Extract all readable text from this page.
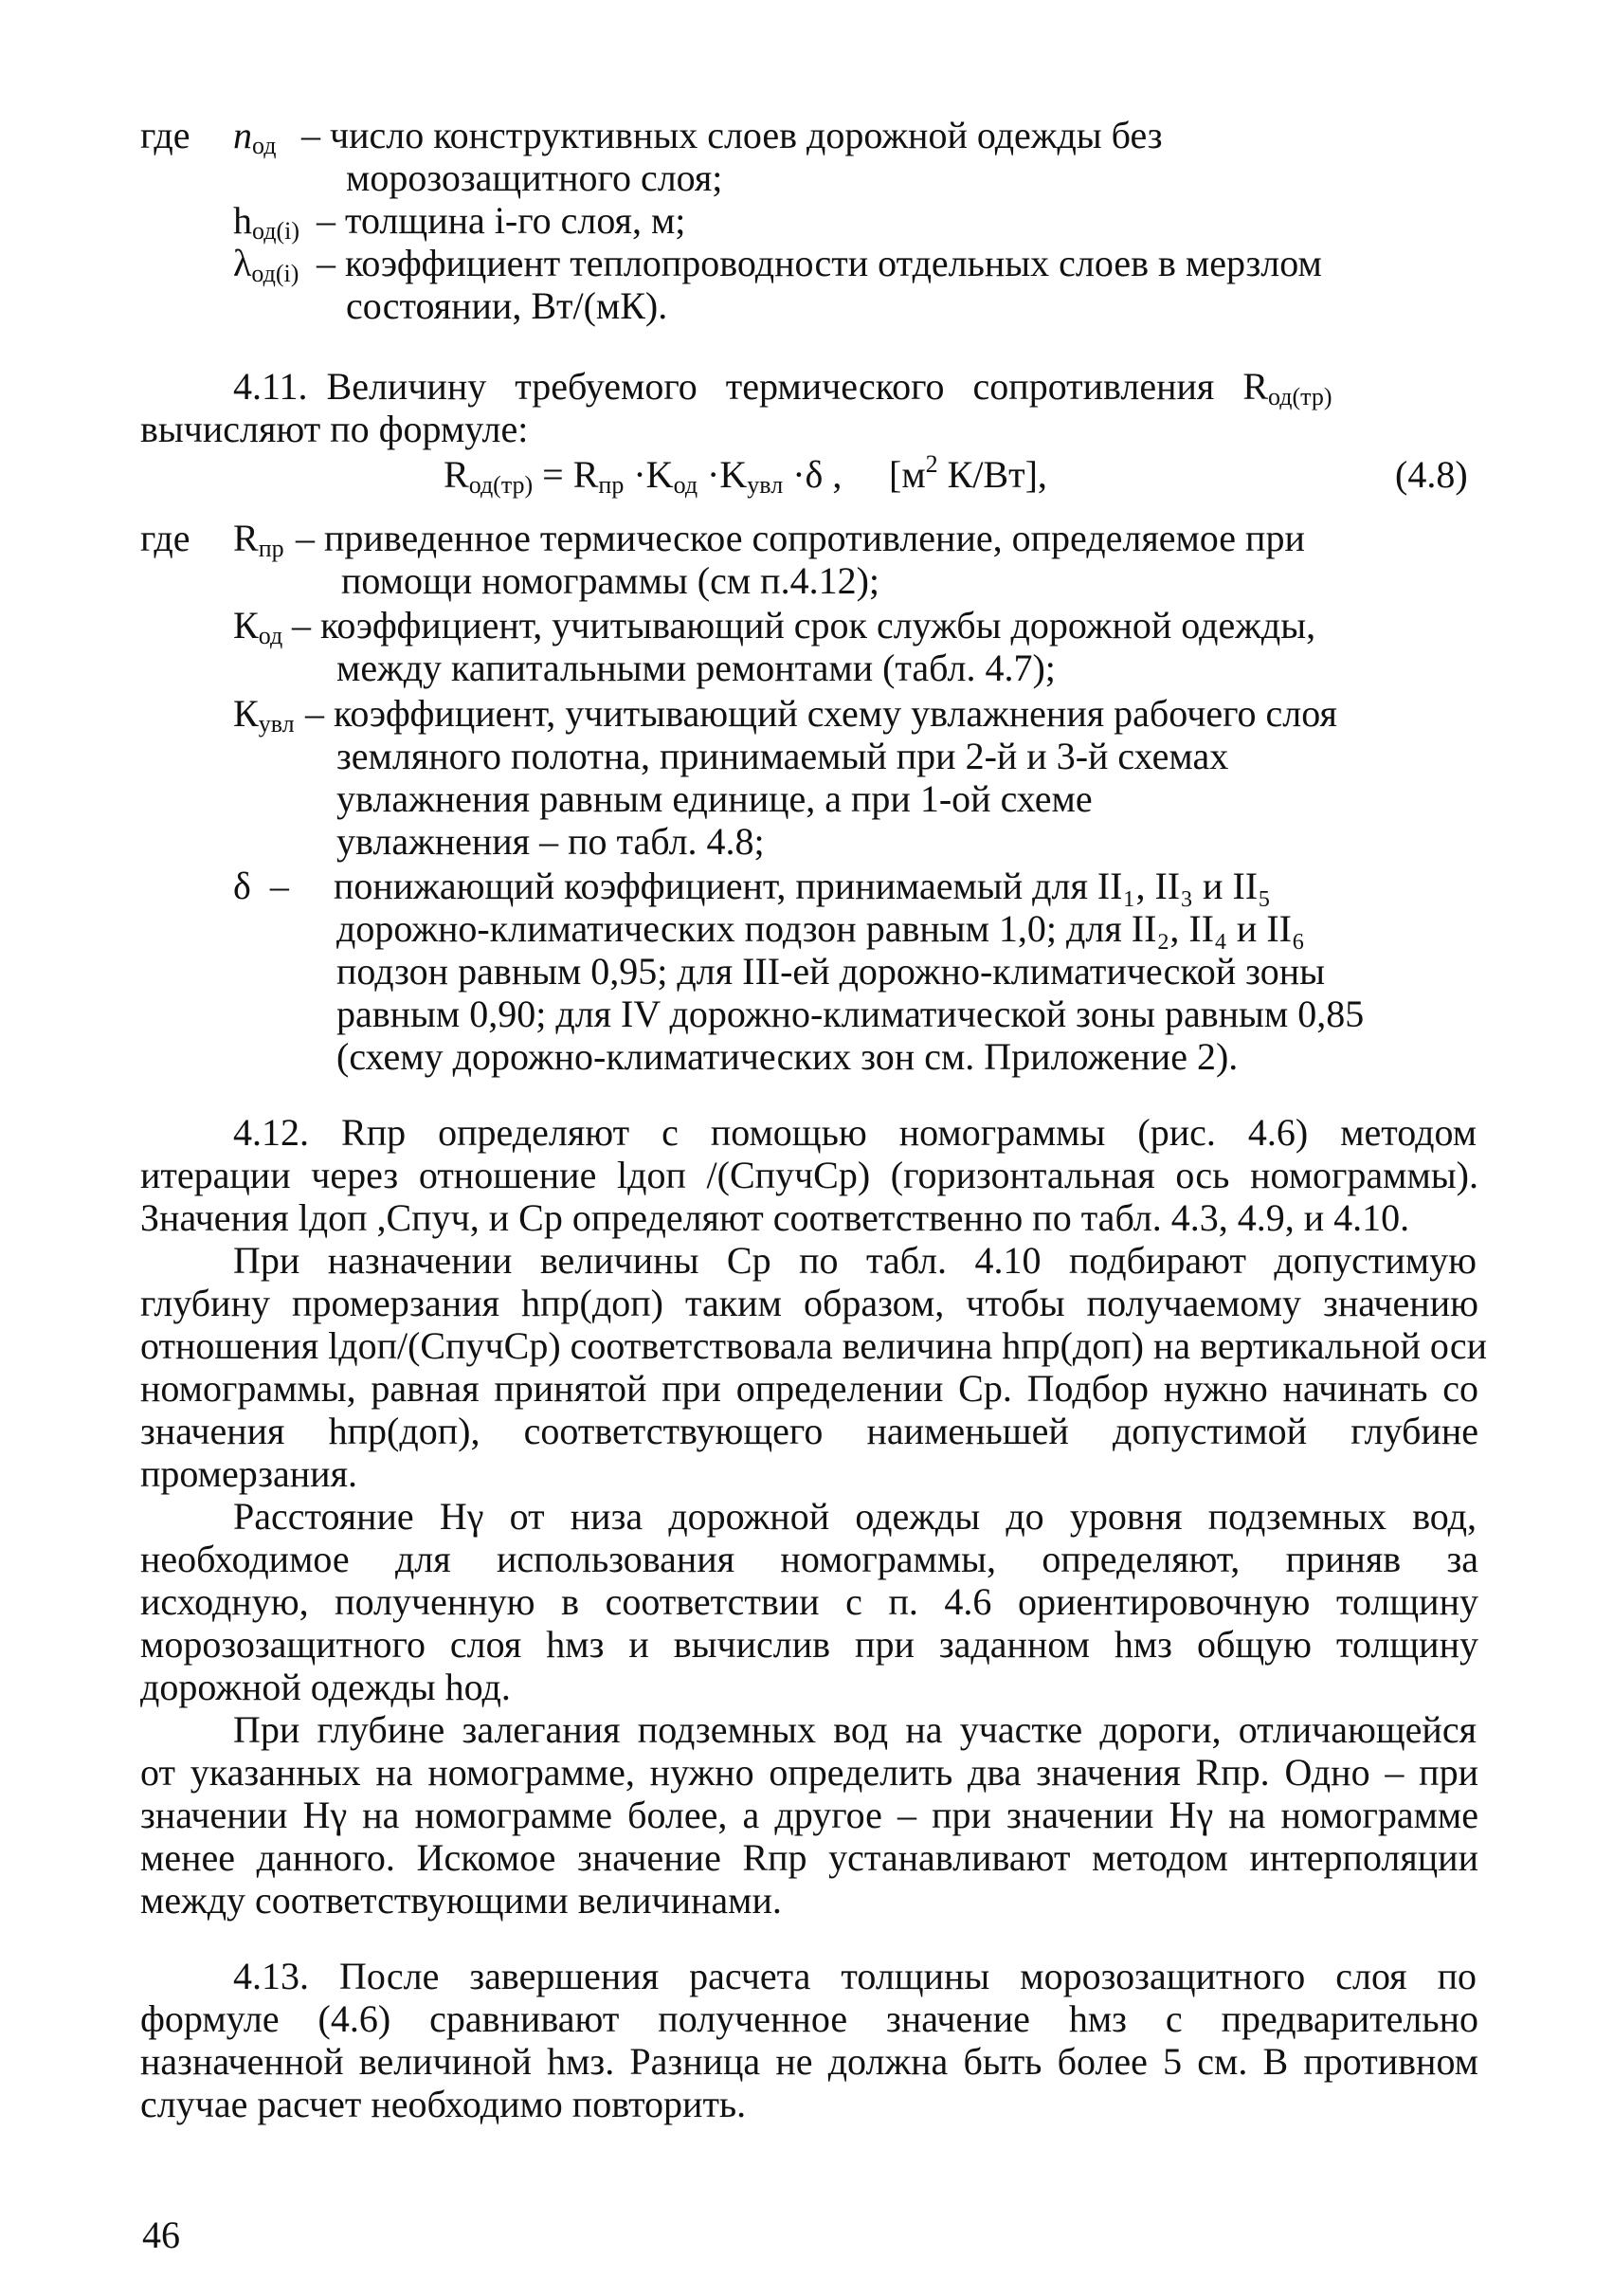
где $n_{од}$ – число конструктивных слоев дорожной одежды без
морозозащитного слоя;
$h_{од(i)}$ – толщина i-го слоя, м;
$\lambda_{од(i)}$ – коэффициент теплопроводности отдельных слоев в мерзлом
состоянии, Вт/(мК).
4.11.  Величину   требуемого   термического   сопротивления   $R_{од(тр)}$
вычисляют по формуле:
$R_{од(тр)} = R_{пр} \cdot K_{од} \cdot K_{увл} \cdot\delta$ , [$м^2$ К/Вт],	(4.8)
где $R_{пр}$ – приведенное термическое сопротивление, определяемое при
помощи номограммы (см п.4.12);
$К_{од}$ – коэффициент, учитывающий срок службы дорожной одежды,
между капитальными ремонтами (табл. 4.7);
$К_{увл}$ – коэффициент, учитывающий схему увлажнения рабочего слоя
земляного полотна, принимаемый при 2-й и 3-й схемах
увлажнения равным единице, а при 1-ой схеме
увлажнения – по табл. 4.8;
δ  – понижающий коэффициент, принимаемый для II₁, II₃ и II₅
дорожно-климатических подзон равным 1,0; для II₂, II₄ и II₆
подзон равным 0,95; для III-ей дорожно-климатической зоны
равным 0,90; для IV дорожно-климатической зоны равным 0,85
(схему дорожно-климатических зон см. Приложение 2).
4.12. Rпр определяют с помощью номограммы (рис. 4.6) методом
итерации через отношение lдоп /(CпучCр) (горизонтальная ось номограммы).
Значения lдоп ,Cпуч, и Cр определяют соответственно по табл. 4.3, 4.9, и 4.10.
При назначении величины Cр по табл. 4.10 подбирают допустимую
глубину промерзания hпр(доп) таким образом, чтобы получаемому значению
отношения lдоп/(CпучCр) соответствовала величина hпр(доп) на вертикальной оси
номограммы, равная принятой при определении Cр. Подбор нужно начинать со
значения hпр(доп), соответствующего наименьшей допустимой глубине
промерзания.
Расстояние Hγ от низа дорожной одежды до уровня подземных вод,
необходимое для использования номограммы, определяют, приняв за
исходную, полученную в соответствии с п. 4.6 ориентировочную толщину
морозозащитного слоя hмз и вычислив при заданном hмз общую толщину
дорожной одежды hод.
При глубине залегания подземных вод на участке дороги, отличающейся
от указанных на номограмме, нужно определить два значения Rпр. Одно – при
значении Hγ на номограмме более, а другое – при значении Hγ на номограмме
менее данного. Искомое значение Rпр устанавливают методом интерполяции
между соответствующими величинами.
4.13. После завершения расчета толщины морозозащитного слоя по
формуле (4.6) сравнивают полученное значение hмз с предварительно
назначенной величиной hмз. Разница не должна быть более 5 см. В противном
случае расчет необходимо повторить.
46
